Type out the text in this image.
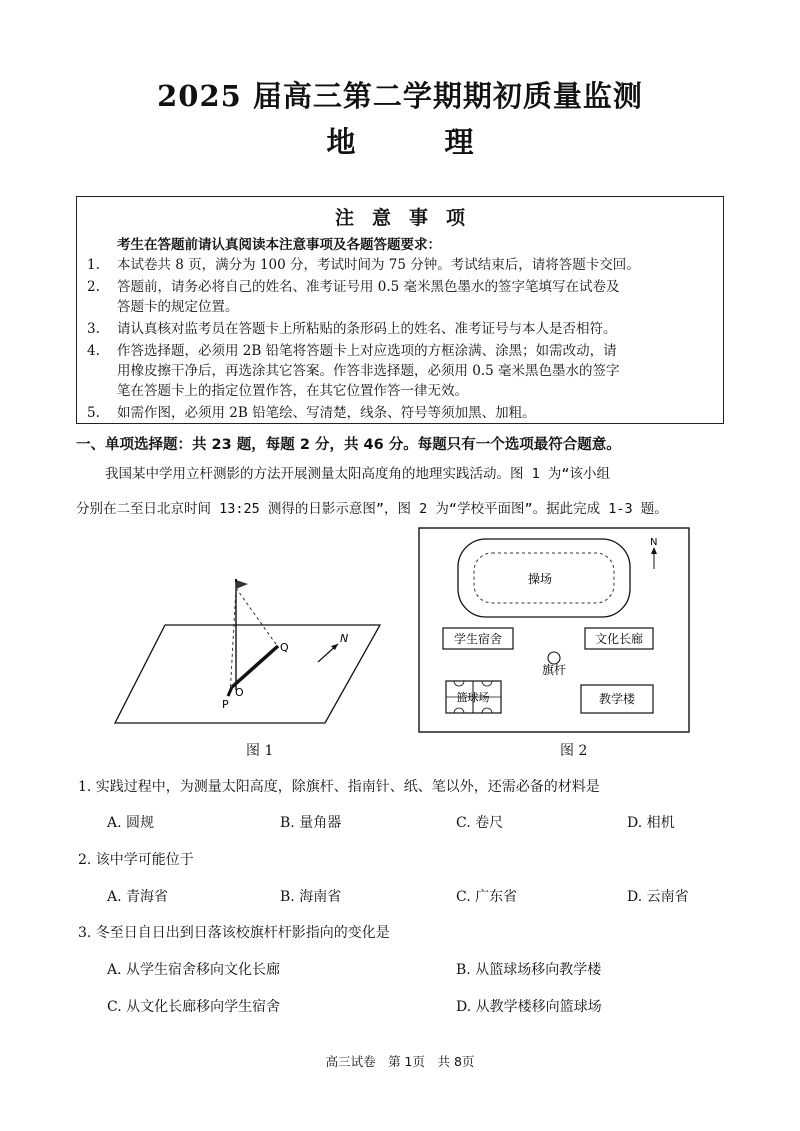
2025 届高三第二学期期初质量监测
地　理
注意事项
考生在答题前请认真阅读本注意事项及各题答题要求：
1. 本试卷共 8 页，满分为 100 分，考试时间为 75 分钟。考试结束后，请将答题卡交回。
2. 答题前，请务必将自己的姓名、准考证号用 0.5 毫米黑色墨水的签字笔填写在试卷及
答题卡的规定位置。
3. 请认真核对监考员在答题卡上所粘贴的条形码上的姓名、准考证号与本人是否相符。
4. 作答选择题，必须用 2B 铅笔将答题卡上对应选项的方框涂满、涂黑；如需改动，请
用橡皮擦干净后，再选涂其它答案。作答非选择题，必须用 0.5 毫米黑色墨水的签字
笔在答题卡上的指定位置作答，在其它位置作答一律无效。
5. 如需作图，必须用 2B 铅笔绘、写清楚，线条、符号等须加黑、加粗。
一、单项选择题：共 23 题，每题 2 分，共 46 分。每题只有一个选项最符合题意。
我国某中学用立杆测影的方法开展测量太阳高度角的地理实践活动。图 1 为“该小组
分别在二至日北京时间 13:25 测得的日影示意图”，图 2 为“学校平面图”。据此完成 1-3 题。
Q
O
P
N
图 1
操场
N
学生宿舍	文化长廊
旗杆
篮球场	教学楼
图 2
1. 实践过程中，为测量太阳高度，除旗杆、指南针、纸、笔以外，还需必备的材料是
A. 圆规	B. 量角器	C. 卷尺	D. 相机
2. 该中学可能位于
A. 青海省	B. 海南省	C. 广东省	D. 云南省
3. 冬至日自日出到日落该校旗杆杆影指向的变化是
A. 从学生宿舍移向文化长廊	B. 从篮球场移向教学楼
C. 从文化长廊移向学生宿舍	D. 从教学楼移向篮球场
高三试卷　第 1页　共 8页
